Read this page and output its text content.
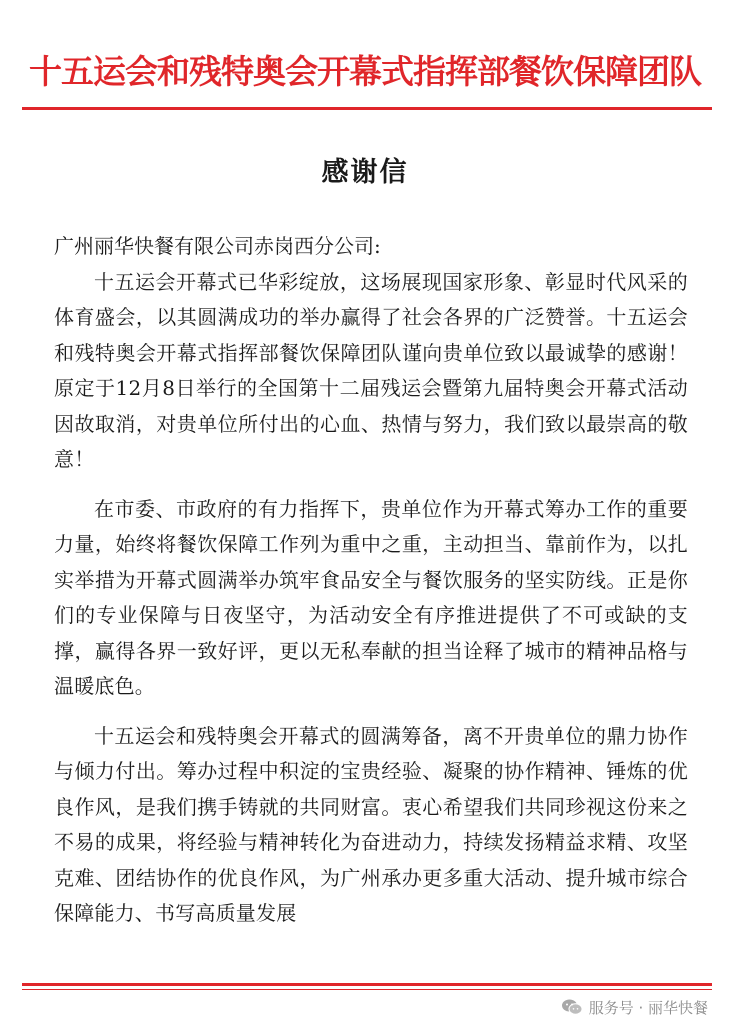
十五运会和残特奥会开幕式指挥部餐饮保障团队
感谢信

广州丽华快餐有限公司赤岗西分公司:

十五运会开幕式已华彩绽放，这场展现国家形象、彰显时代风采的体育盛会，以其圆满成功的举办赢得了社会各界的广泛赞誉。十五运会和残特奥会开幕式指挥部餐饮保障团队谨向贵单位致以最诚挚的感谢！原定于12月8日举行的全国第十二届残运会暨第九届特奥会开幕式活动因故取消，对贵单位所付出的心血、热情与努力，我们致以最崇高的敬意！

在市委、市政府的有力指挥下，贵单位作为开幕式筹办工作的重要力量，始终将餐饮保障工作列为重中之重，主动担当、靠前作为，以扎实举措为开幕式圆满举办筑牢食品安全与餐饮服务的坚实防线。正是你们的专业保障与日夜坚守，为活动安全有序推进提供了不可或缺的支撑，赢得各界一致好评，更以无私奉献的担当诠释了城市的精神品格与温暖底色。

十五运会和残特奥会开幕式的圆满筹备，离不开贵单位的鼎力协作与倾力付出。筹办过程中积淀的宝贵经验、凝聚的协作精神、锤炼的优良作风，是我们携手铸就的共同财富。衷心希望我们共同珍视这份来之不易的成果，将经验与精神转化为奋进动力，持续发扬精益求精、攻坚克难、团结协作的优良作风，为广州承办更多重大活动、提升城市综合保障能力、书写高质量发展

服务号 · 丽华快餐
